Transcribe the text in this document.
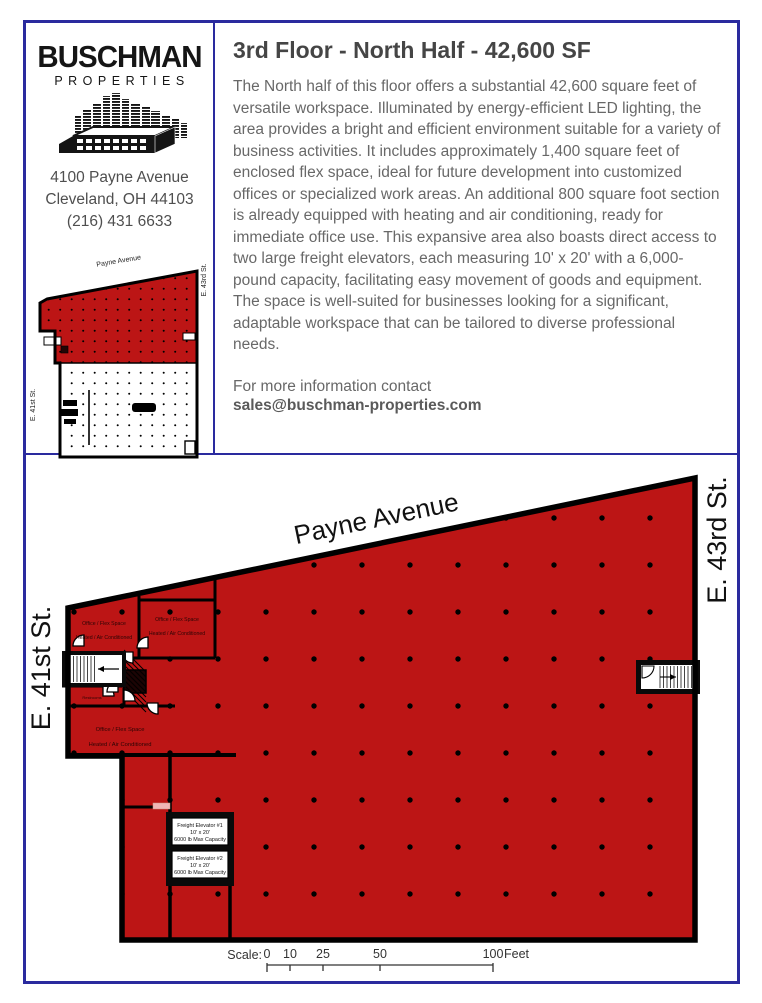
BUSCHMAN
PROPERTIES
4100 Payne Avenue
Cleveland, OH 44103
(216) 431 6633
Payne Avenue
E. 41st St.
E. 43rd St.
3rd Floor - North Half - 42,600 SF
The North half of this floor offers a substantial 42,600 square feet of versatile workspace. Illuminated by energy-efficient LED lighting, the area provides a bright and efficient environment suitable for a variety of business activities. It includes approximately 1,400 square feet of enclosed flex space, ideal for future development into customized offices or specialized work areas. An additional 800 square foot section is already equipped with heating and air conditioning, ready for immediate office use. This expansive area also boasts direct access to two large freight elevators, each measuring 10' x 20' with a 6,000-pound capacity, facilitating easy movement of goods and equipment. The space is well-suited for businesses looking for a significant, adaptable workspace that can be tailored to diverse professional needs.
For more information contact
sales@buschman-properties.com
Freight Elevator #1
10' x 20'
6000 lb Max Capacity
Freight Elevator #2
10' x 20'
6000 lb Max Capacity
Office / Flex Space
Heated / Air Conditioned
Office / Flex Space
Heated / Air Conditioned
Restrooms
Office / Flex Space
Heated / Air Conditioned
Payne Avenue
E. 41st St.
E. 43rd St.
Scale: 0 10 25	50	100 Feet
